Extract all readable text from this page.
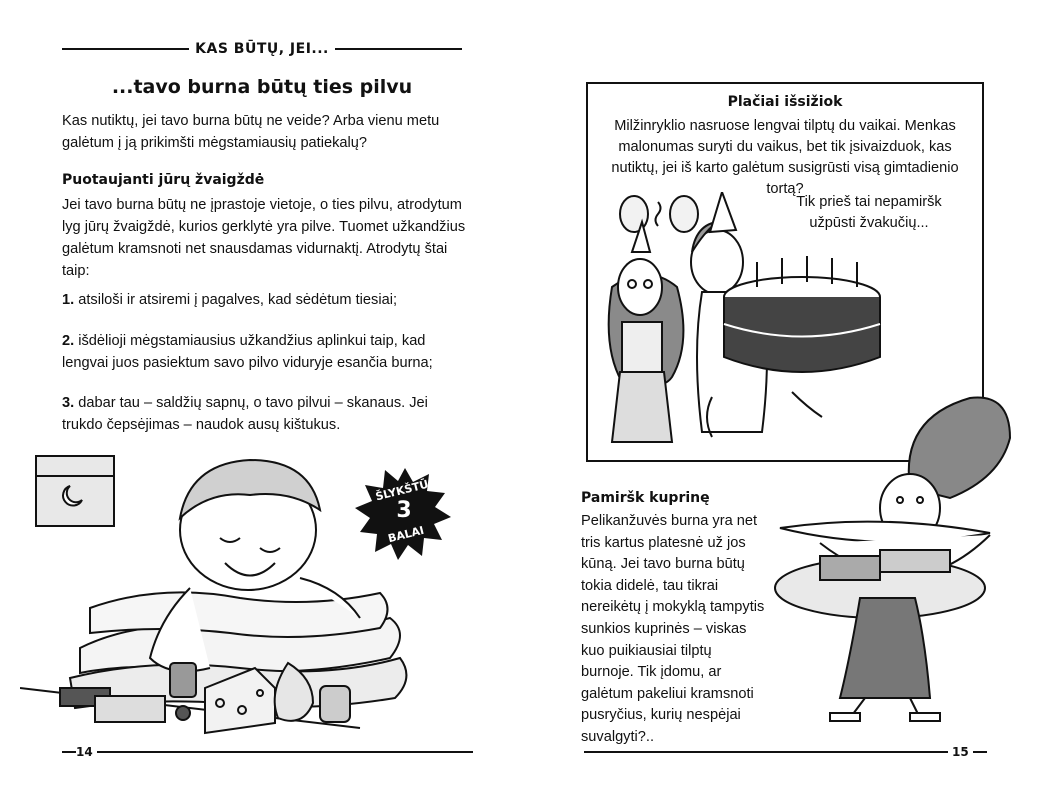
KAS BŪTŲ, JEI...
...tavo burna būtų ties pilvu
Kas nutiktų, jei tavo burna būtų ne veide? Arba vienu metu galėtum į ją prikimšti mėgstamiausių patiekalų?
Puotaujanti jūrų žvaigždė
Jei tavo burna būtų ne įprastoje vietoje, o ties pilvu, atrodytum lyg jūrų žvaigždė, kurios gerklytė yra pilve. Tuomet užkandžius galėtum kramsnoti net snausdamas vidurnaktį. Atrodytų štai taip:
1. atsiloši ir atsiremi į pagalves, kad sėdėtum tiesiai;
2. išdėlioji mėgstamiausius užkandžius aplinkui taip, kad lengvai juos pasiektum savo pilvo viduryje esančia burna;
3. dabar tau – saldžių sapnų, o tavo pilvui – skanaus. Jei trukdo čepsėjimas – naudok ausų kištukus.
ŠLYKŠTŪ
3
BALAI
14
Plačiai išsižiok
Milžinryklio nasruose lengvai tilptų du vaikai. Menkas malonumas suryti du vaikus, bet tik įsivaizduok, kas nutiktų, jei iš karto galėtum susigrūsti visą gimtadienio tortą?
Tik prieš tai nepamiršk užpūsti žvakučių...
Pamiršk kuprinę
Pelikanžuvės burna yra net tris kartus platesnė už jos kūną. Jei tavo burna būtų tokia didelė, tau tikrai nereikėtų į mokyklą tampytis sunkios kuprinės – viskas kuo puikiausiai tilptų burnoje. Tik įdomu, ar galėtum pakeliui kramsnoti pusryčius, kurių nespėjai suvalgyti?..
15
